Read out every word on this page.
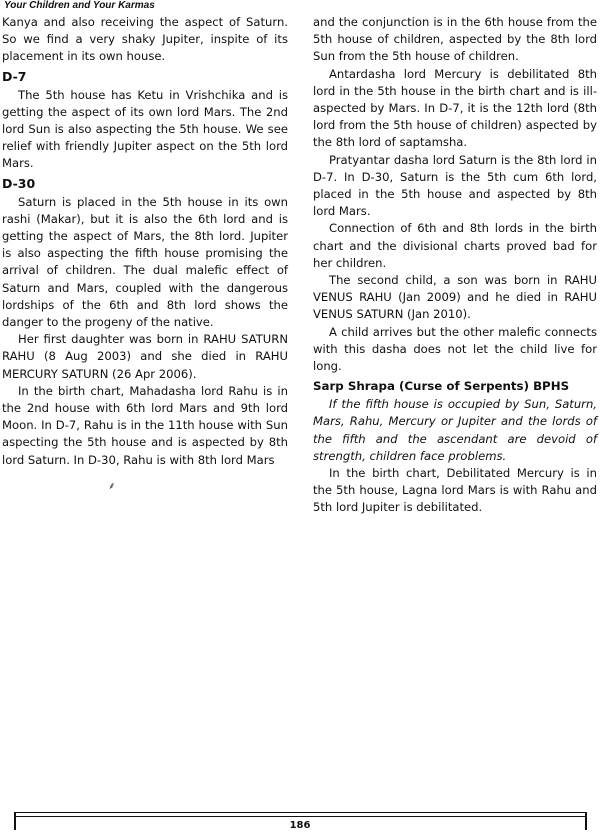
Your Children and Your Karmas

Kanya and also receiving the aspect of Saturn. So we find a very shaky Jupiter, inspite of its placement in its own house.

D-7

The 5th house has Ketu in Vrishchika and is getting the aspect of its own lord Mars. The 2nd lord Sun is also aspecting the 5th house. We see relief with friendly Jupiter aspect on the 5th lord Mars.

D-30

Saturn is placed in the 5th house in its own rashi (Makar), but it is also the 6th lord and is getting the aspect of Mars, the 8th lord. Jupiter is also aspecting the fifth house promising the arrival of children. The dual malefic effect of Saturn and Mars, coupled with the dangerous lordships of the 6th and 8th lord shows the danger to the progeny of the native.

Her first daughter was born in RAHU SATURN RAHU (8 Aug 2003) and she died in RAHU MERCURY SATURN (26 Apr 2006).

In the birth chart, Mahadasha lord Rahu is in the 2nd house with 6th lord Mars and 9th lord Moon. In D-7, Rahu is in the 11th house with Sun aspecting the 5th house and is aspected by 8th lord Saturn. In D-30, Rahu is with 8th lord Mars

⸙

and the conjunction is in the 6th house from the 5th house of children, aspected by the 8th lord Sun from the 5th house of children.

Antardasha lord Mercury is debilitated 8th lord in the 5th house in the birth chart and is ill-aspected by Mars. In D-7, it is the 12th lord (8th lord from the 5th house of children) aspected by the 8th lord of saptamsha.

Pratyantar dasha lord Saturn is the 8th lord in D-7. In D-30, Saturn is the 5th cum 6th lord, placed in the 5th house and aspected by 8th lord Mars.

Connection of 6th and 8th lords in the birth chart and the divisional charts proved bad for her children.

The second child, a son was born in RAHU VENUS RAHU (Jan 2009) and he died in RAHU VENUS SATURN (Jan 2010).

A child arrives but the other malefic connects with this dasha does not let the child live for long.

Sarp Shrapa (Curse of Serpents) BPHS

If the fifth house is occupied by Sun, Saturn, Mars, Rahu, Mercury or Jupiter and the lords of the fifth and the ascendant are devoid of strength, children face problems.

In the birth chart, Debilitated Mercury is in the 5th house, Lagna lord Mars is with Rahu and 5th lord Jupiter is debilitated.

186
